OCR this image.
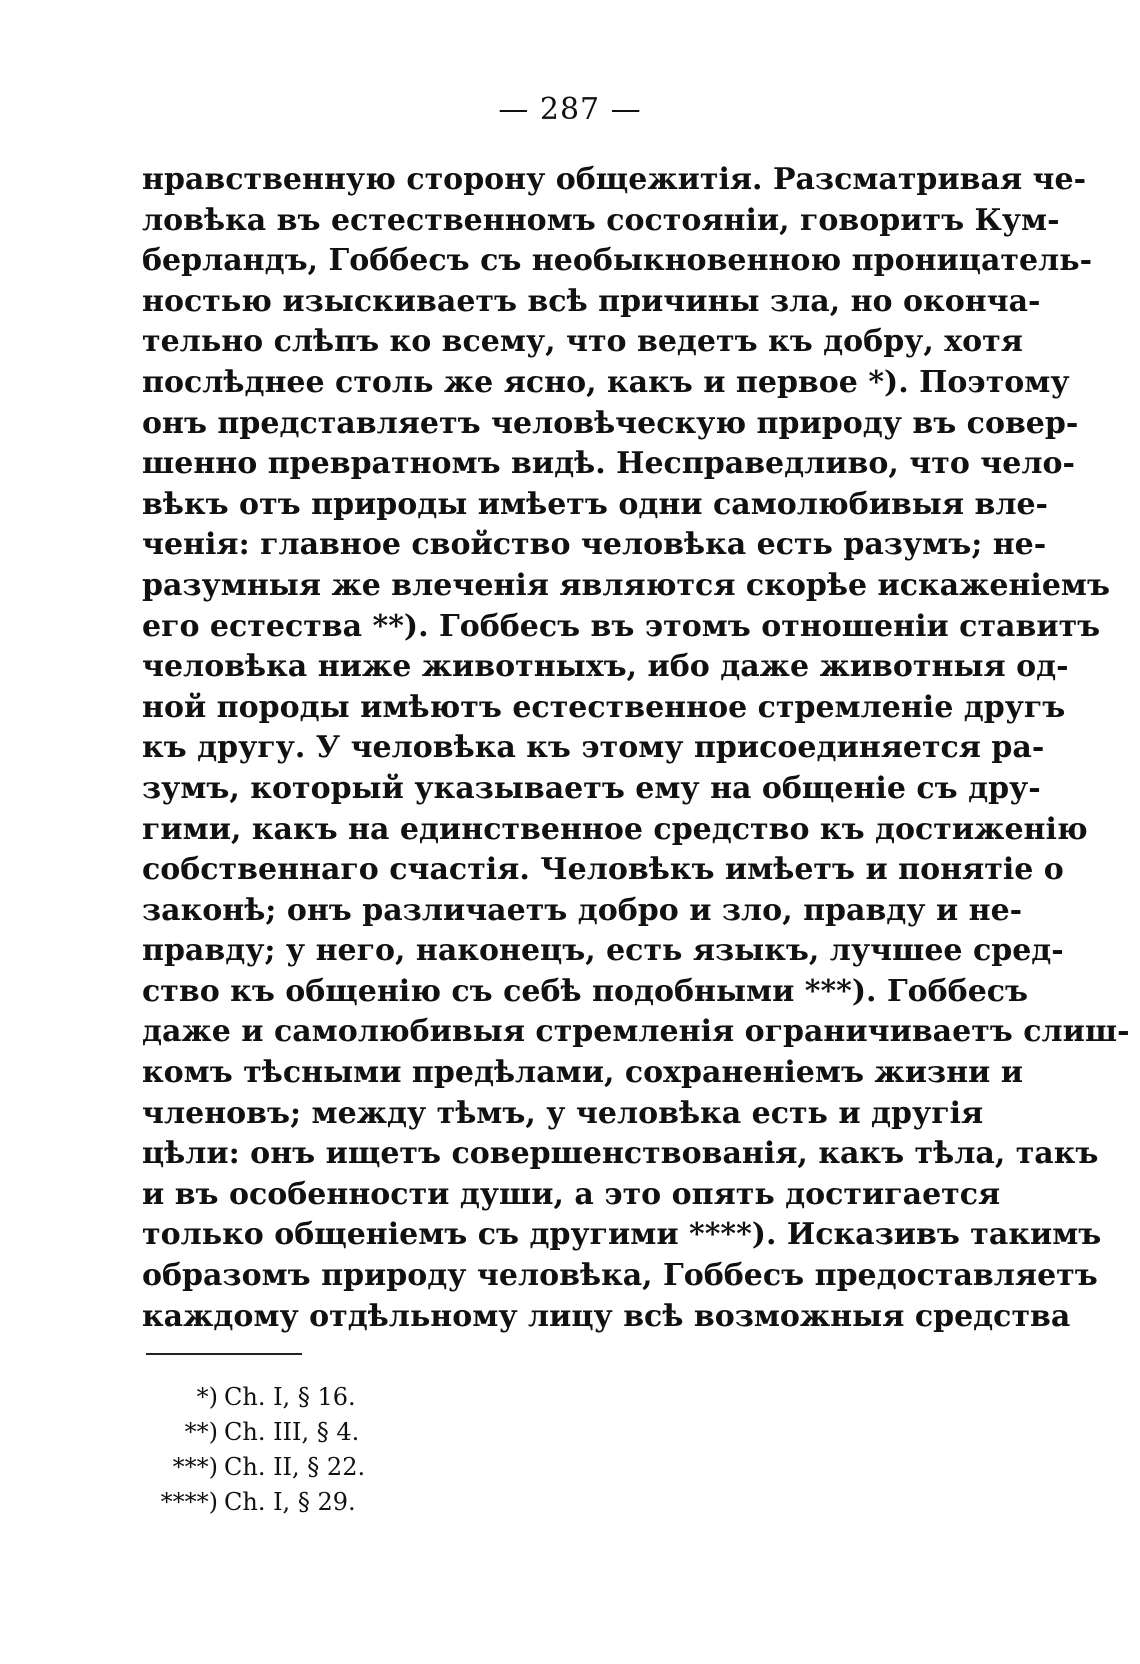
— 287 —
нравственную сторону общежитія. Разсматривая че-
ловѣка въ естественномъ состояніи, говоритъ Кум-
берландъ, Гоббесъ съ необыкновенною проницатель-
ностью изыскиваетъ всѣ причины зла, но оконча-
тельно слѣпъ ко всему, что ведетъ къ добру, хотя
послѣднее столь же ясно, какъ и первое *). Поэтому
онъ представляетъ человѣческую природу въ совер-
шенно превратномъ видѣ. Несправедливо, что чело-
вѣкъ отъ природы имѣетъ одни самолюбивыя вле-
ченія: главное свойство человѣка есть разумъ; не-
разумныя же влеченія являются скорѣе искаженіемъ
его естества **). Гоббесъ въ этомъ отношеніи ставитъ
человѣка ниже животныхъ, ибо даже животныя од-
ной породы имѣютъ естественное стремленіе другъ
къ другу. У человѣка къ этому присоединяется ра-
зумъ, который указываетъ ему на общеніе съ дру-
гими, какъ на единственное средство къ достиженію
собственнаго счастія. Человѣкъ имѣетъ и понятіе о
законѣ; онъ различаетъ добро и зло, правду и не-
правду; у него, наконецъ, есть языкъ, лучшее сред-
ство къ общенію съ себѣ подобными ***). Гоббесъ
даже и самолюбивыя стремленія ограничиваетъ слиш-
комъ тѣсными предѣлами, сохраненіемъ жизни и
членовъ; между тѣмъ, у человѣка есть и другія
цѣли: онъ ищетъ совершенствованія, какъ тѣла, такъ
и въ особенности души, а это опять достигается
только общеніемъ съ другими ****). Исказивъ такимъ
образомъ природу человѣка, Гоббесъ предоставляетъ
каждому отдѣльному лицу всѣ возможныя средства
*) Ch. I, § 16.
**) Ch. III, § 4.
***) Ch. II, § 22.
****) Ch. I, § 29.
